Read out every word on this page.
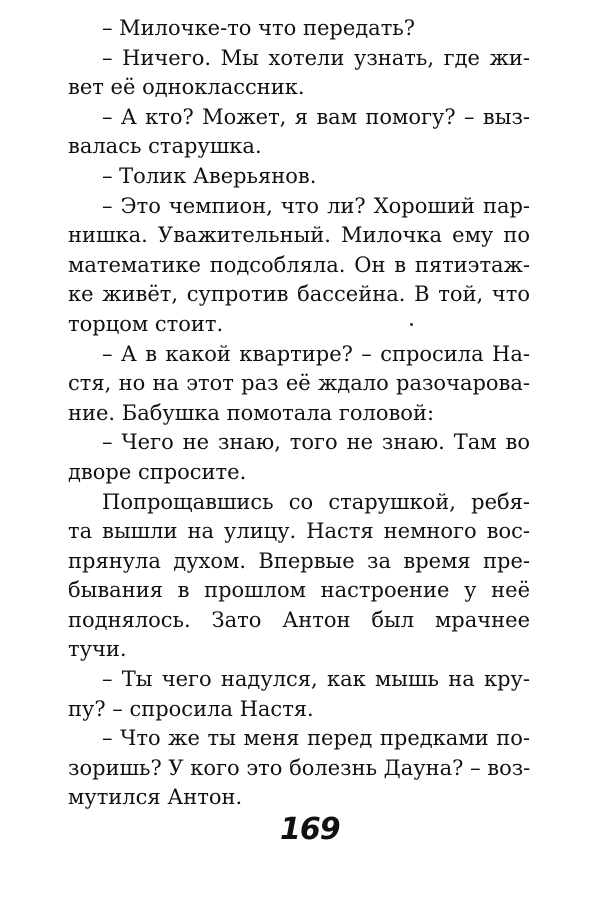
– Милочке-то что передать?
– Ничего. Мы хотели узнать, где жи-
вет её одноклассник.
– А кто? Может, я вам помогу? – выз-
валась старушка.
– Толик Аверьянов.
– Это чемпион, что ли? Хороший пар-
нишка. Уважительный. Милочка ему по
математике подсобляла. Он в пятиэтаж-
ке живёт, супротив бассейна. В той, что
торцом стоит.
– А в какой квартире? – спросила На-
стя, но на этот раз её ждало разочарова-
ние. Бабушка помотала головой:
– Чего не знаю, того не знаю. Там во
дворе спросите.
Попрощавшись со старушкой, ребя-
та вышли на улицу. Настя немного вос-
прянула духом. Впервые за время пре-
бывания в прошлом настроение у неё
поднялось. Зато Антон был мрачнее
тучи.
– Ты чего надулся, как мышь на кру-
пу? – спросила Настя.
– Что же ты меня перед предками по-
зоришь? У кого это болезнь Дауна? – воз-
мутился Антон.
169
